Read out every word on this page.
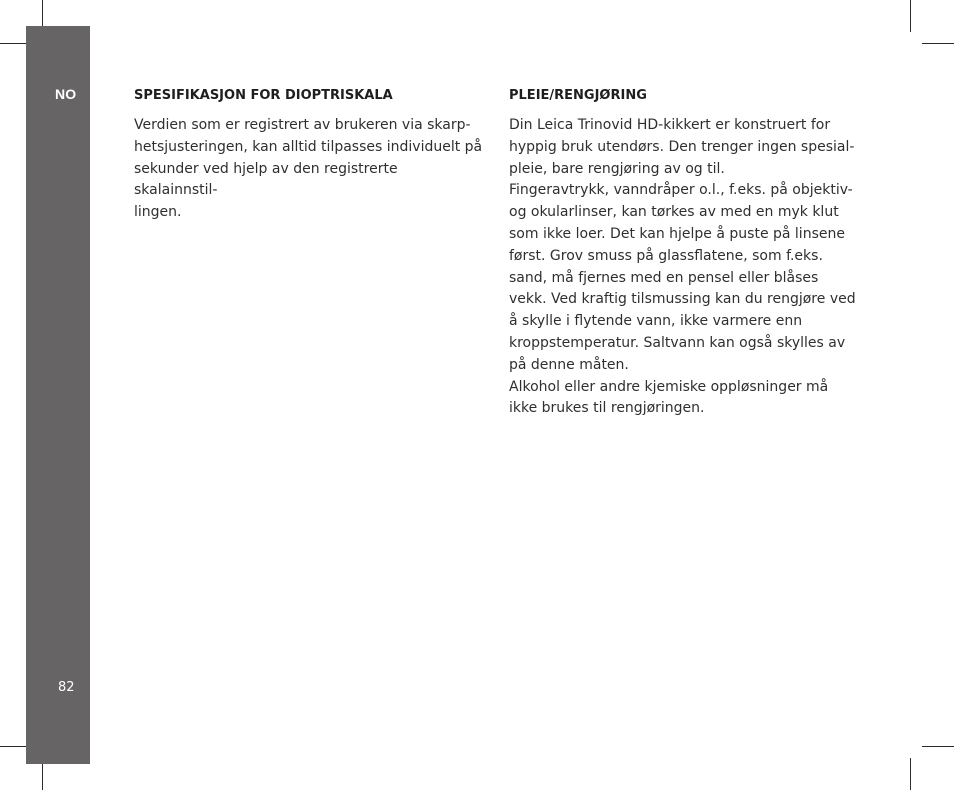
NO
82
SPESIFIKASJON FOR DIOPTRISKALA

Verdien som er registrert av brukeren via skarp-
hetsjusteringen, kan alltid tilpasses individuelt på
sekunder ved hjelp av den registrerte skalainnstil-
lingen.

PLEIE/RENGJØRING

Din Leica Trinovid HD-kikkert er konstruert for
hyppig bruk utendørs. Den trenger ingen spesial-
pleie, bare rengjøring av og til.

Fingeravtrykk, vanndråper o.l., f.eks. på objektiv-
og okularlinser, kan tørkes av med en myk klut
som ikke loer. Det kan hjelpe å puste på linsene
først. Grov smuss på glassflatene, som f.eks.
sand, må fjernes med en pensel eller blåses
vekk. Ved kraftig tilsmussing kan du rengjøre ved
å skylle i flytende vann, ikke varmere enn
kroppstemperatur. Saltvann kan også skylles av
på denne måten.

Alkohol eller andre kjemiske oppløsninger må
ikke brukes til rengjøringen.
